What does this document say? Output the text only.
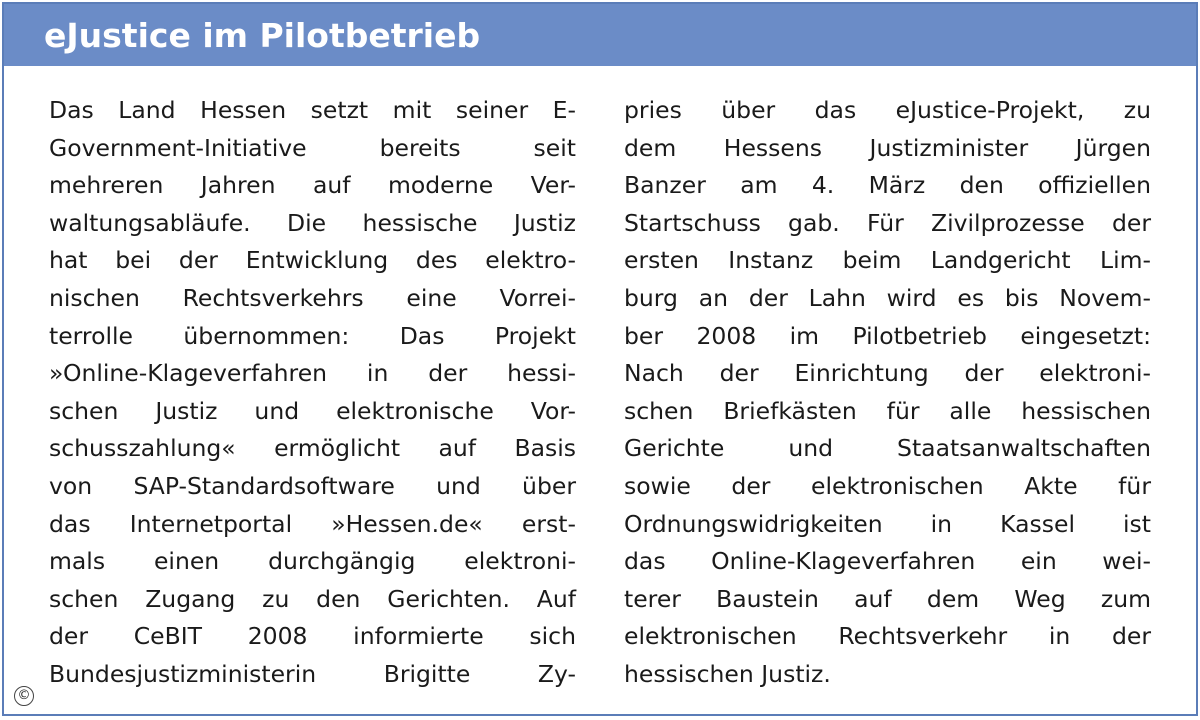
eJustice im Pilotbetrieb
Das Land Hessen setzt mit seiner E-
Government-Initiative bereits seit
mehreren Jahren auf moderne Ver-
waltungsabläufe. Die hessische Justiz
hat bei der Entwicklung des elektro-
nischen Rechtsverkehrs eine Vorrei-
terrolle übernommen: Das Projekt
»Online-Klageverfahren in der hessi-
schen Justiz und elektronische Vor-
schusszahlung« ermöglicht auf Basis
von SAP-Standardsoftware und über
das Internetportal »Hessen.de« erst-
mals einen durchgängig elektroni-
schen Zugang zu den Gerichten. Auf
der CeBIT 2008 informierte sich
Bundesjustizministerin Brigitte Zy-
pries über das eJustice-Projekt, zu
dem Hessens Justizminister Jürgen
Banzer am 4. März den offiziellen
Startschuss gab. Für Zivilprozesse der
ersten Instanz beim Landgericht Lim-
burg an der Lahn wird es bis Novem-
ber 2008 im Pilotbetrieb eingesetzt:
Nach der Einrichtung der elektroni-
schen Briefkästen für alle hessischen
Gerichte und Staatsanwaltschaften
sowie der elektronischen Akte für
Ordnungswidrigkeiten in Kassel ist
das Online-Klageverfahren ein wei-
terer Baustein auf dem Weg zum
elektronischen Rechtsverkehr in der
hessischen Justiz.
©
